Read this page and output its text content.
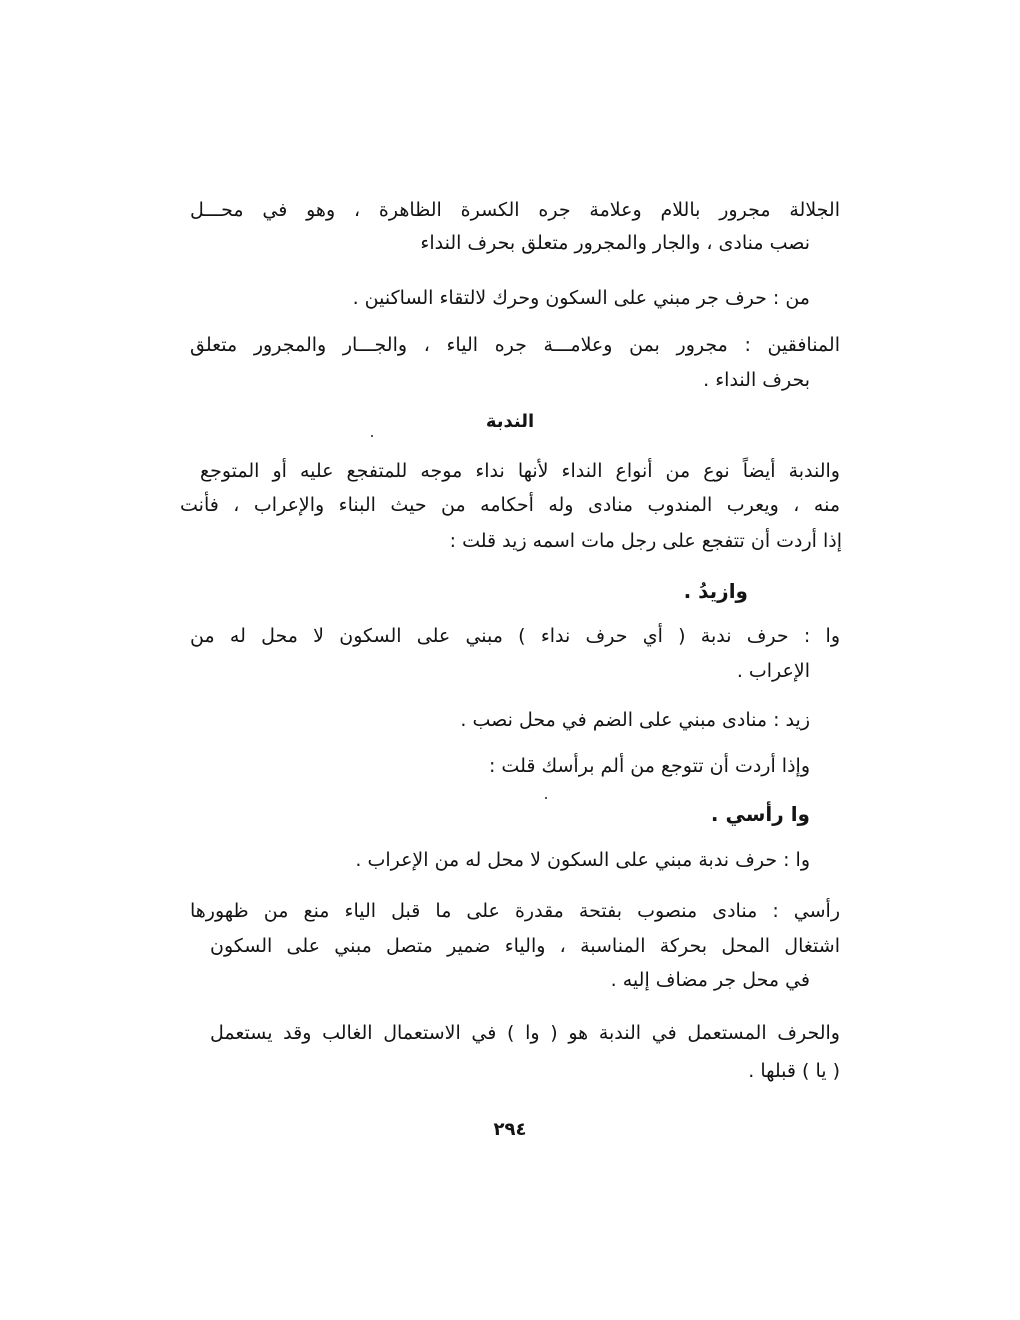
الجلالة مجرور باللام وعلامة جره الكسرة الظاهرة ، وهو في محـــل
نصب منادى ، والجار والمجرور متعلق بحرف النداء
من : حرف جر مبني على السكون وحرك لالتقاء الساكنين .
المنافقين : مجرور بمن وعلامـــة جره الياء ، والجـــار والمجرور متعلق
بحرف النداء .
الندبة
والندبة أيضاً نوع من أنواع النداء لأنها نداء موجه للمتفجع عليه أو المتوجع
منه ، ويعرب المندوب منادى وله أحكامه من حيث البناء والإعراب ، فأنت
إذا أردت أن تتفجع على رجل مات اسمه زيد قلت :
وازيدُ .
وا : حرف ندبة ( أي حرف نداء ) مبني على السكون لا محل له من
الإعراب .
زيد : منادى مبني على الضم في محل نصب .
وإذا أردت أن تتوجع من ألم برأسك قلت :
وا رأسي .
وا : حرف ندبة مبني على السكون لا محل له من الإعراب .
رأسي : منادى منصوب بفتحة مقدرة على ما قبل الياء منع من ظهورها
اشتغال المحل بحركة المناسبة ، والياء ضمير متصل مبني على السكون
في محل جر مضاف إليه .
والحرف المستعمل في الندبة هو ( وا ) في الاستعمال الغالب وقد يستعمل
( يا ) قبلها .
٢٩٤
